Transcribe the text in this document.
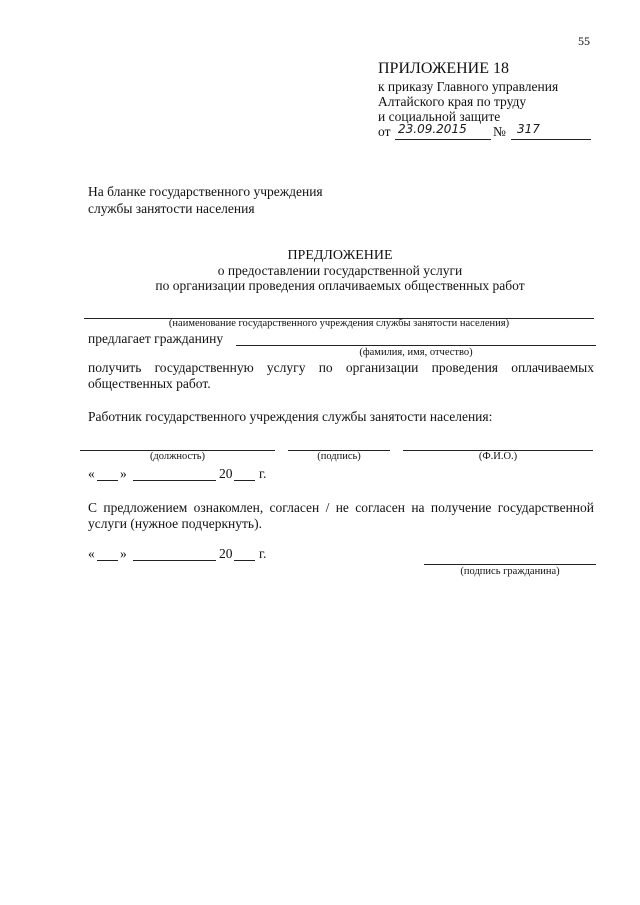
55
ПРИЛОЖЕНИЕ 18
к приказу Главного управления
Алтайского края по труду
и социальной защите
от 23.09.2015 № 317
На бланке государственного учреждения
службы занятости населения
ПРЕДЛОЖЕНИЕ
о предоставлении государственной услуги
по организации проведения оплачиваемых общественных работ
(наименование государственного учреждения службы занятости населения)
предлагает гражданину
(фамилия, имя, отчество)
получить государственную услугу по организации проведения оплачиваемых общественных работ.
Работник государственного учреждения службы занятости населения:
(должность)	(подпись)	(Ф.И.О.)
« »	20 г.
С предложением ознакомлен, согласен / не согласен на получение государственной услуги (нужное подчеркнуть).
« »	20 г.
(подпись гражданина)
